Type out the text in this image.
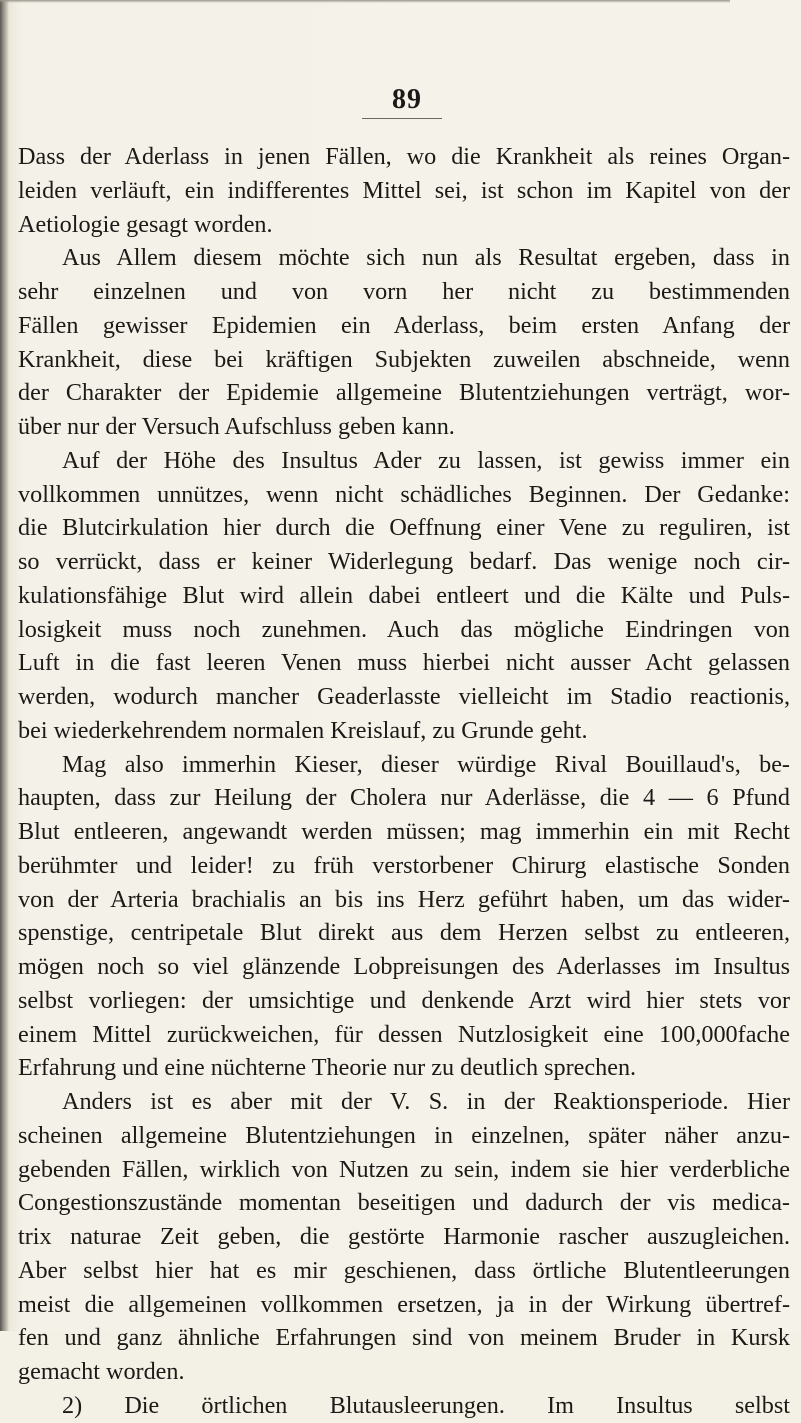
89
Dass der Aderlass in jenen Fällen, wo die Krankheit als reines Organ-
leiden verläuft, ein indifferentes Mittel sei, ist schon im Kapitel von der
Aetiologie gesagt worden.
Aus Allem diesem möchte sich nun als Resultat ergeben, dass in
sehr einzelnen und von vorn her nicht zu bestimmenden
Fällen gewisser Epidemien ein Aderlass, beim ersten Anfang der
Krankheit, diese bei kräftigen Subjekten zuweilen abschneide, wenn
der Charakter der Epidemie allgemeine Blutentziehungen verträgt, wor-
über nur der Versuch Aufschluss geben kann.
Auf der Höhe des Insultus Ader zu lassen, ist gewiss immer ein
vollkommen unnützes, wenn nicht schädliches Beginnen. Der Gedanke:
die Blutcirkulation hier durch die Oeffnung einer Vene zu reguliren, ist
so verrückt, dass er keiner Widerlegung bedarf. Das wenige noch cir-
kulationsfähige Blut wird allein dabei entleert und die Kälte und Puls-
losigkeit muss noch zunehmen. Auch das mögliche Eindringen von
Luft in die fast leeren Venen muss hierbei nicht ausser Acht gelassen
werden, wodurch mancher Geaderlasste vielleicht im Stadio reactionis,
bei wiederkehrendem normalen Kreislauf, zu Grunde geht.
Mag also immerhin Kieser, dieser würdige Rival Bouillaud's, be-
haupten, dass zur Heilung der Cholera nur Aderlässe, die 4 — 6 Pfund
Blut entleeren, angewandt werden müssen; mag immerhin ein mit Recht
berühmter und leider! zu früh verstorbener Chirurg elastische Sonden
von der Arteria brachialis an bis ins Herz geführt haben, um das wider-
spenstige, centripetale Blut direkt aus dem Herzen selbst zu entleeren,
mögen noch so viel glänzende Lobpreisungen des Aderlasses im Insultus
selbst vorliegen: der umsichtige und denkende Arzt wird hier stets vor
einem Mittel zurückweichen, für dessen Nutzlosigkeit eine 100,000fache
Erfahrung und eine nüchterne Theorie nur zu deutlich sprechen.
Anders ist es aber mit der V. S. in der Reaktionsperiode. Hier
scheinen allgemeine Blutentziehungen in einzelnen, später näher anzu-
gebenden Fällen, wirklich von Nutzen zu sein, indem sie hier verderbliche
Congestionszustände momentan beseitigen und dadurch der vis medica-
trix naturae Zeit geben, die gestörte Harmonie rascher auszugleichen.
Aber selbst hier hat es mir geschienen, dass örtliche Blutentleerungen
meist die allgemeinen vollkommen ersetzen, ja in der Wirkung übertref-
fen und ganz ähnliche Erfahrungen sind von meinem Bruder in Kursk
gemacht worden.
2) Die örtlichen Blutausleerungen. Im Insultus selbst
